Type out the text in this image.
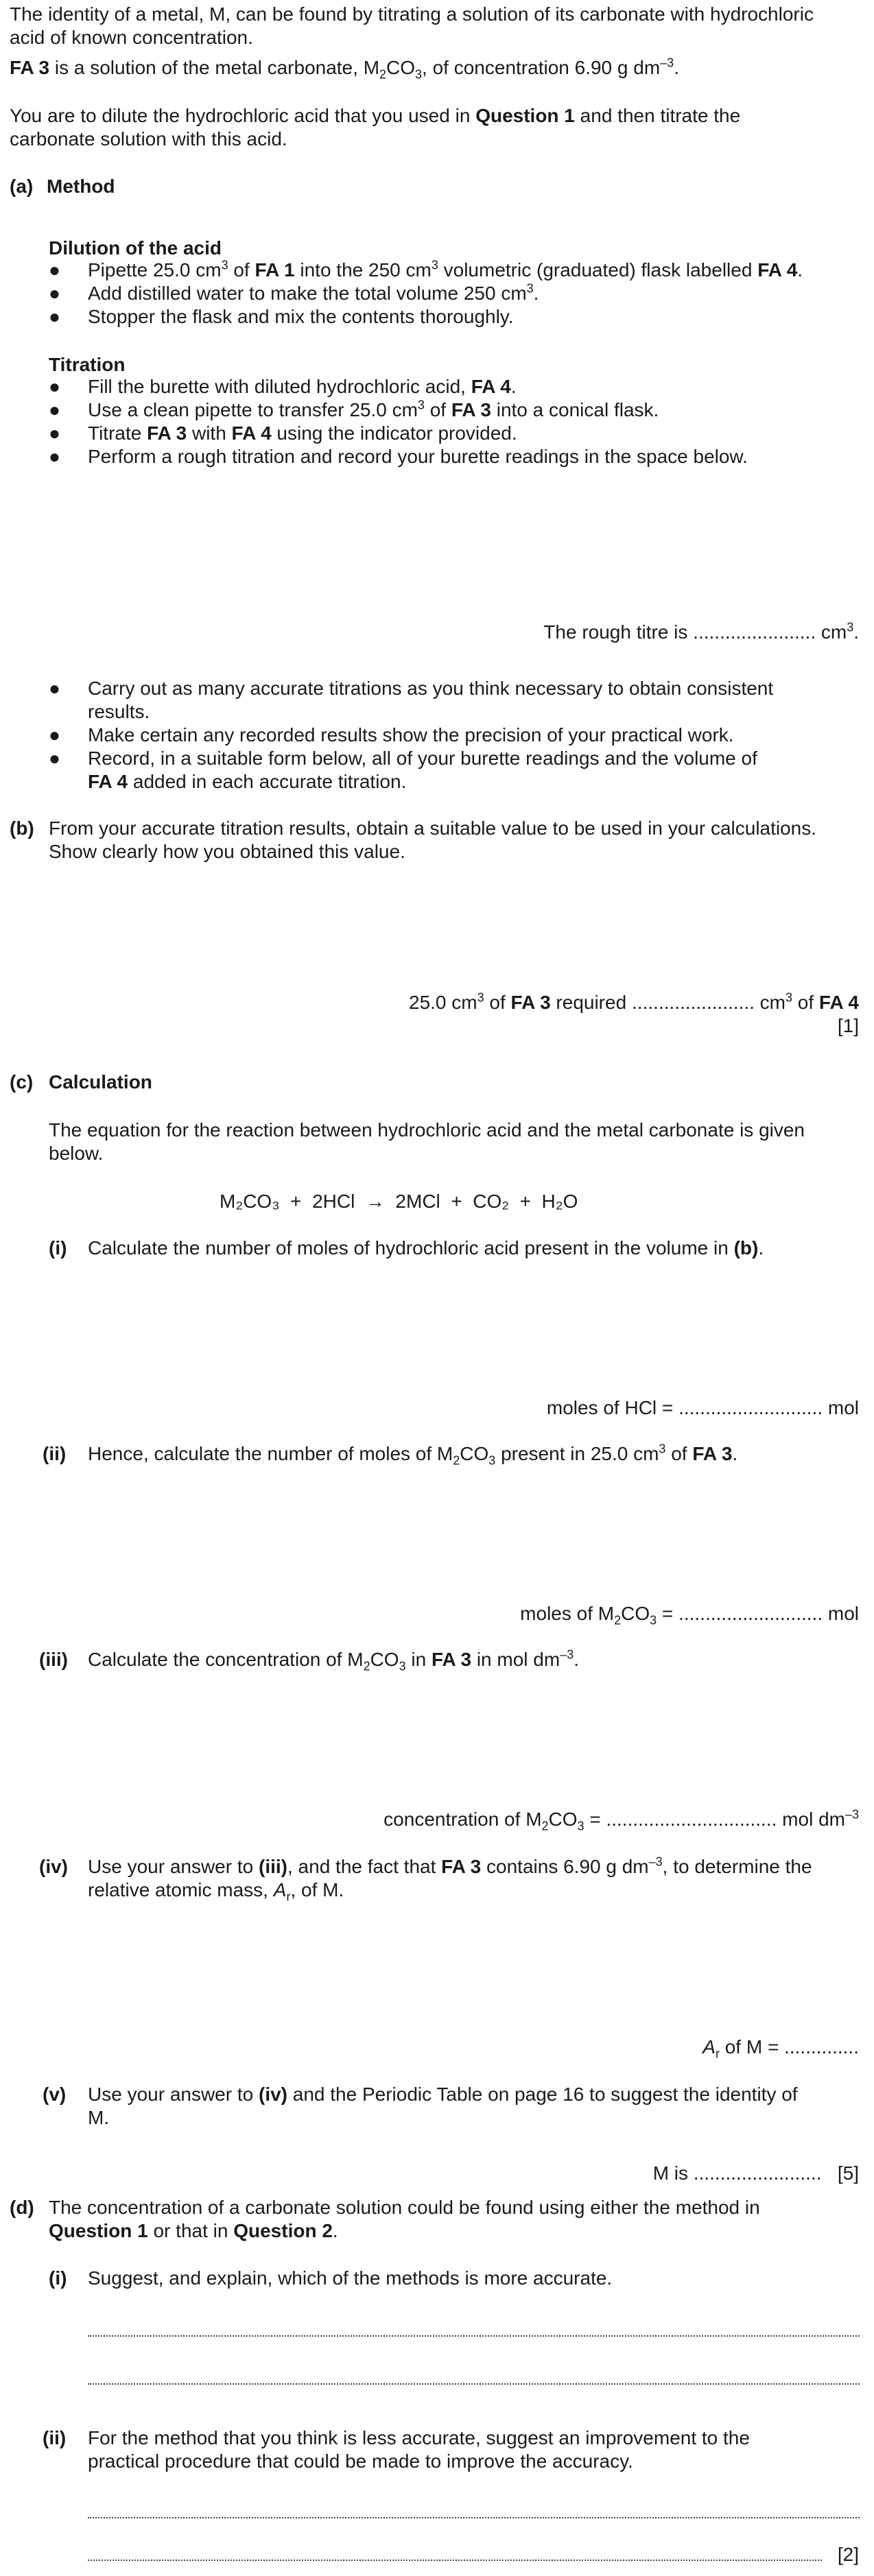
The identity of a metal, M, can be found by titrating a solution of its carbonate with hydrochloric
acid of known concentration.
FA 3 is a solution of the metal carbonate, $M_2CO_3$, of concentration 6.90 g $dm^{-3}$.
You are to dilute the hydrochloric acid that you used in Question 1 and then titrate the
carbonate solution with this acid.
(a) Method
Dilution of the acid
● Pipette 25.0 $cm^3$ of FA 1 into the 250 $cm^3$ volumetric (graduated) flask labelled FA 4.
● Add distilled water to make the total volume 250 $cm^3$.
● Stopper the flask and mix the contents thoroughly.
Titration
● Fill the burette with diluted hydrochloric acid, FA 4.
● Use a clean pipette to transfer 25.0 $cm^3$ of FA 3 into a conical flask.
● Titrate FA 3 with FA 4 using the indicator provided.
● Perform a rough titration and record your burette readings in the space below.
The rough titre is ....................... $cm^3$.
● Carry out as many accurate titrations as you think necessary to obtain consistent
results.
● Make certain any recorded results show the precision of your practical work.
● Record, in a suitable form below, all of your burette readings and the volume of
FA 4 added in each accurate titration.
(b) From your accurate titration results, obtain a suitable value to be used in your calculations.
Show clearly how you obtained this value.
25.0 $cm^3$ of FA 3 required ....................... $cm^3$ of FA 4
[1]
(c) Calculation
The equation for the reaction between hydrochloric acid and the metal carbonate is given
below.
M₂CO₃  +  2HCl  →  2MCl  +  CO₂  +  H₂O
(i) Calculate the number of moles of hydrochloric acid present in the volume in (b).
moles of HCl = ........................... mol
(ii) Hence, calculate the number of moles of $M_2CO_3$ present in 25.0 $cm^3$ of FA 3.
moles of $M_2CO_3$ = ........................... mol
(iii) Calculate the concentration of $M_2CO_3$ in FA 3 in mol $dm^{-3}$.
concentration of $M_2CO_3$ = ................................ mol $dm^{-3}$
(iv) Use your answer to (iii), and the fact that FA 3 contains 6.90 g $dm^{-3}$, to determine the
relative atomic mass, $A_r$, of M.
$A_r$ of M = ..............
(v) Use your answer to (iv) and the Periodic Table on page 16 to suggest the identity of
M.
M is ........................ [5]
(d) The concentration of a carbonate solution could be found using either the method in
Question 1 or that in Question 2.
(i) Suggest, and explain, which of the methods is more accurate.
(ii) For the method that you think is less accurate, suggest an improvement to the
practical procedure that could be made to improve the accuracy.
[2]
